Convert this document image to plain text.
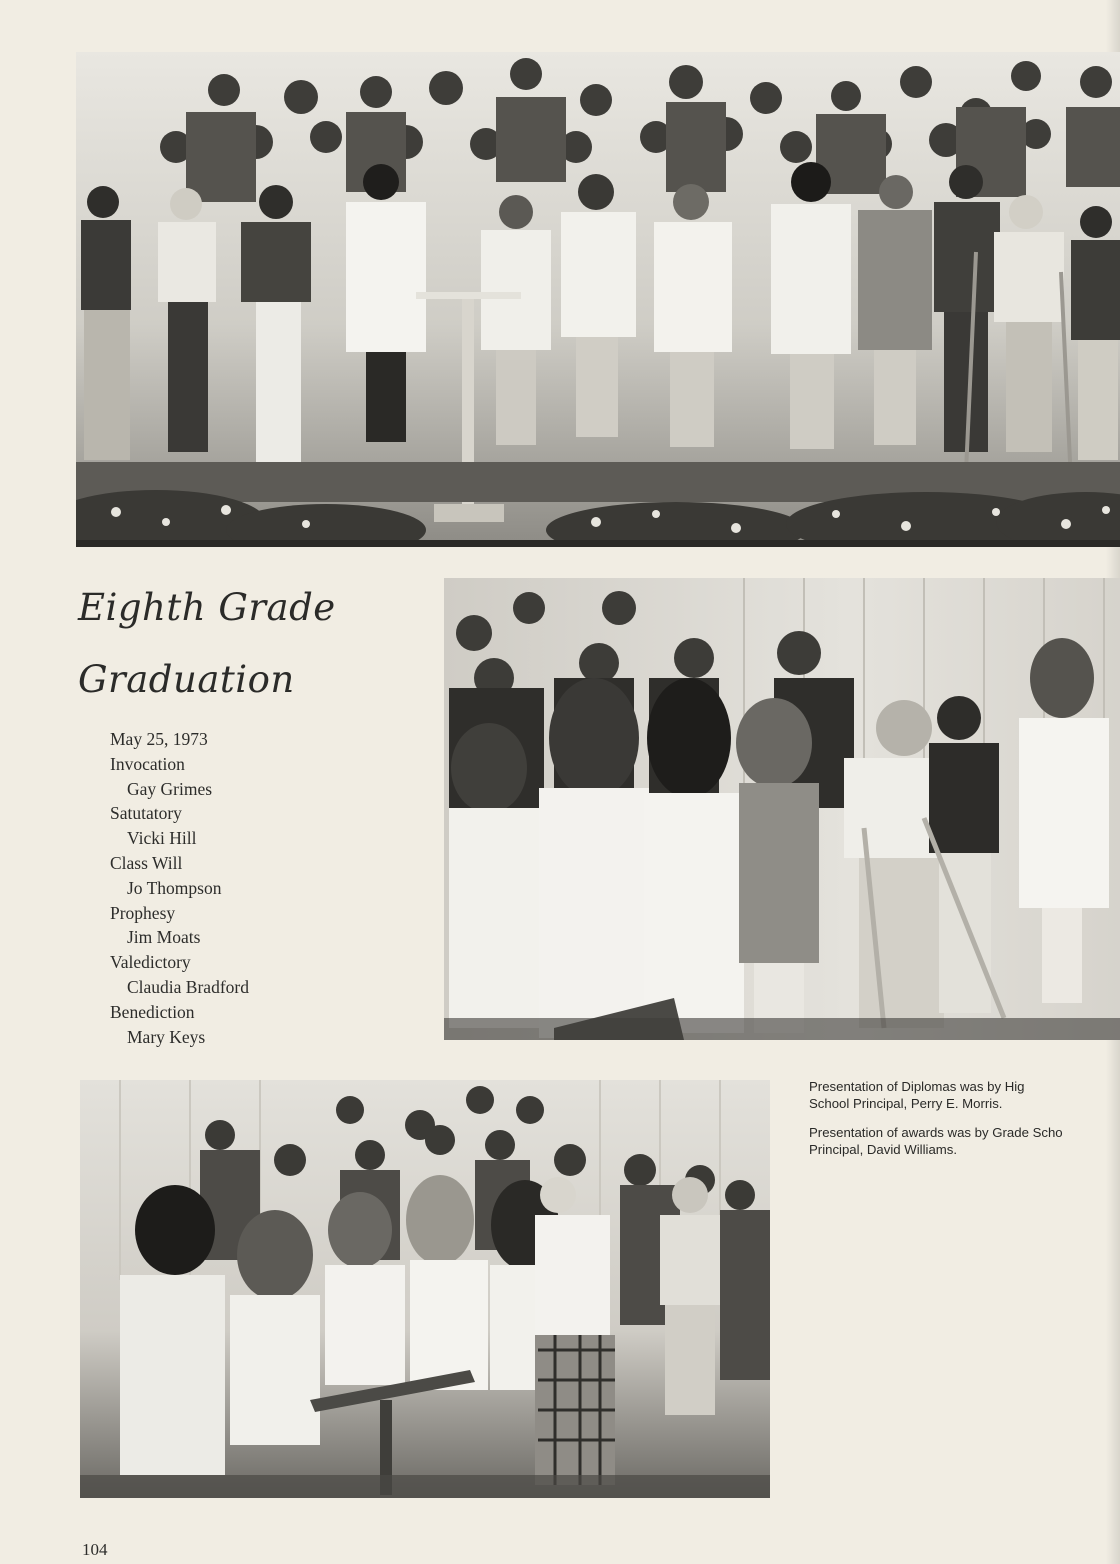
Eighth Grade
Graduation
May 25, 1973
Invocation
Gay Grimes
Satutatory
Vicki Hill
Class Will
Jo Thompson
Prophesy
Jim Moats
Valedictory
Claudia Bradford
Benediction
Mary Keys

Presentation of Diplomas was by Hig
School Principal, Perry E. Morris.

Presentation of awards was by Grade Scho
Principal, David Williams.

104
